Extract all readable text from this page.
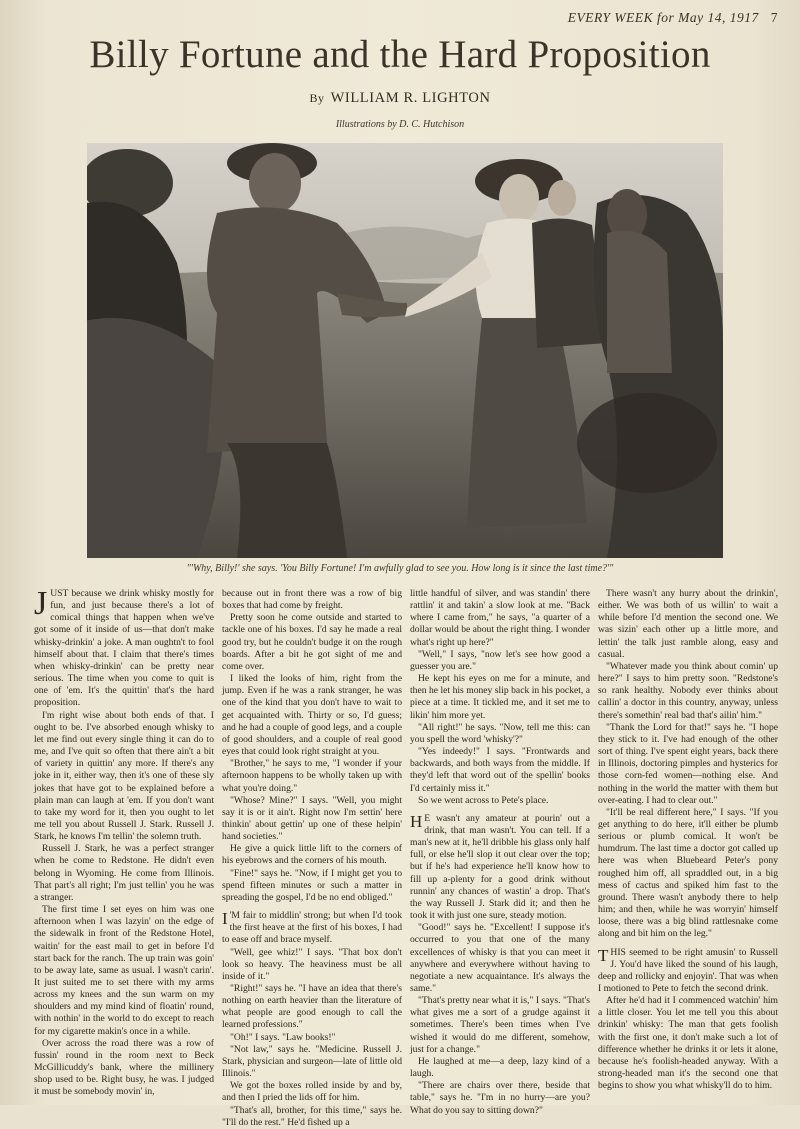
EVERY WEEK for May 14, 1917 7
Billy Fortune and the Hard Proposition
By WILLIAM R. LIGHTON
Illustrations by D. C. Hutchison
"'Why, Billy!' she says. 'You Billy Fortune! I'm awfully glad to see you. How long is it since the last time?'"

JUST because we drink whisky mostly for fun, and just because there's a lot of comical things that happen when we've got some of it inside of us—that don't make whisky-drinkin' a joke. A man oughtn't to fool himself about that. I claim that there's times when whisky-drinkin' can be pretty near serious. The time when you come to quit is one of 'em. It's the quittin' that's the hard proposition.

I'm right wise about both ends of that. I ought to be. I've absorbed enough whisky to let me find out every single thing it can do to me, and I've quit so often that there ain't a bit of variety in quittin' any more. If there's any joke in it, either way, then it's one of these sly jokes that have got to be explained before a plain man can laugh at 'em. If you don't want to take my word for it, then you ought to let me tell you about Russell J. Stark. Russell J. Stark, he knows I'm tellin' the solemn truth.

Russell J. Stark, he was a perfect stranger when he come to Redstone. He didn't even belong in Wyoming. He come from Illinois. That part's all right; I'm just tellin' you he was a stranger.

The first time I set eyes on him was one afternoon when I was lazyin' on the edge of the sidewalk in front of the Redstone Hotel, waitin' for the east mail to get in before I'd start back for the ranch. The up train was goin' to be away late, same as usual. I wasn't carin'. It just suited me to set there with my arms across my knees and the sun warm on my shoulders and my mind kind of floatin' round, with nothin' in the world to do except to reach for my cigarette makin's once in a while.

Over across the road there was a row of fussin' round in the room next to Beck McGillicuddy's bank, where the millinery shop used to be. Right busy, he was. I judged it must be somebody movin' in,

because out in front there was a row of big boxes that had come by freight.

Pretty soon he come outside and started to tackle one of his boxes. I'd say he made a real good try, but he couldn't budge it on the rough boards. After a bit he got sight of me and come over.

I liked the looks of him, right from the jump. Even if he was a rank stranger, he was one of the kind that you don't have to wait to get acquainted with. Thirty or so, I'd guess; and he had a couple of good legs, and a couple of good shoulders, and a couple of real good eyes that could look right straight at you.

"Brother," he says to me, "I wonder if your afternoon happens to be wholly taken up with what you're doing."

"Whose? Mine?" I says. "Well, you might say it is or it ain't. Right now I'm settin' here thinkin' about gettin' up one of these helpin' hand societies."

He give a quick little lift to the corners of his eyebrows and the corners of his mouth.

"Fine!" says he. "Now, if I might get you to spend fifteen minutes or such a matter in spreading the gospel, I'd be no end obliged."

I 'M fair to middlin' strong; but when I'd took the first heave at the first of his boxes, I had to ease off and brace myself.

"Well, gee whiz!" I says. "That box don't look so heavy. The heaviness must be all inside of it."

"Right!" says he. "I have an idea that there's nothing on earth heavier than the literature of what people are good enough to call the learned professions."

"Oh!" I says. "Law books!"

"Not law," says he. "Medicine. Russell J. Stark, physician and surgeon—late of little old Illinois."

We got the boxes rolled inside by and by, and then I pried the lids off for him.

"That's all, brother, for this time," says he. "I'll do the rest." He'd fished up a

little handful of silver, and was standin' there rattlin' it and takin' a slow look at me. "Back where I came from," he says, "a quarter of a dollar would be about the right thing. I wonder what's right up here?"

"Well," I says, "now let's see how good a guesser you are."

He kept his eyes on me for a minute, and then he let his money slip back in his pocket, a piece at a time. It tickled me, and it set me to likin' him more yet.

"All right!" he says. "Now, tell me this: can you spell the word 'whisky'?"

"Yes indeedy!" I says. "Frontwards and backwards, and both ways from the middle. If they'd left that word out of the spellin' books I'd certainly miss it."

So we went across to Pete's place.

H E wasn't any amateur at pourin' out a drink, that man wasn't. You can tell. If a man's new at it, he'll dribble his glass only half full, or else he'll slop it out clear over the top; but if he's had experience he'll know how to fill up a-plenty for a good drink without runnin' any chances of wastin' a drop. That's the way Russell J. Stark did it; and then he took it with just one sure, steady motion.

"Good!" says he. "Excellent! I suppose it's occurred to you that one of the many excellences of whisky is that you can meet it anywhere and everywhere without having to negotiate a new acquaintance. It's always the same."

"That's pretty near what it is," I says. "That's what gives me a sort of a grudge against it sometimes. There's been times when I've wished it would do me different, somehow, just for a change."

He laughed at me—a deep, lazy kind of a laugh.

"There are chairs over there, beside that table," says he. "I'm in no hurry—are you? What do you say to sitting down?"

There wasn't any hurry about the drinkin', either. We was both of us willin' to wait a while before I'd mention the second one. We was sizin' each other up a little more, and lettin' the talk just ramble along, easy and casual.

"Whatever made you think about comin' up here?" I says to him pretty soon. "Redstone's so rank healthy. Nobody ever thinks about callin' a doctor in this country, anyway, unless there's somethin' real bad that's ailin' him."

"Thank the Lord for that!" says he. "I hope they stick to it. I've had enough of the other sort of thing. I've spent eight years, back there in Illinois, doctoring pimples and hysterics for those corn-fed women—nothing else. And nothing in the world the matter with them but over-eating. I had to clear out."

"It'll be real different here," I says. "If you get anything to do here, it'll either be plumb serious or plumb comical. It won't be humdrum. The last time a doctor got called up here was when Bluebeard Peter's pony roughed him off, all spraddled out, in a big mess of cactus and spiked him fast to the ground. There wasn't anybody there to help him; and then, while he was worryin' himself loose, there was a big blind rattlesnake come along and bit him on the leg."

THIS seemed to be right amusin' to Russell J. You'd have liked the sound of his laugh, deep and rollicky and enjoyin'. That was when I motioned to Pete to fetch the second drink.

After he'd had it I commenced watchin' him a little closer. You let me tell you this about drinkin' whisky: The man that gets foolish with the first one, it don't make such a lot of difference whether he drinks it or lets it alone, because he's foolish-headed anyway. With a strong-headed man it's the second one that begins to show you what whisky'll do to him.
